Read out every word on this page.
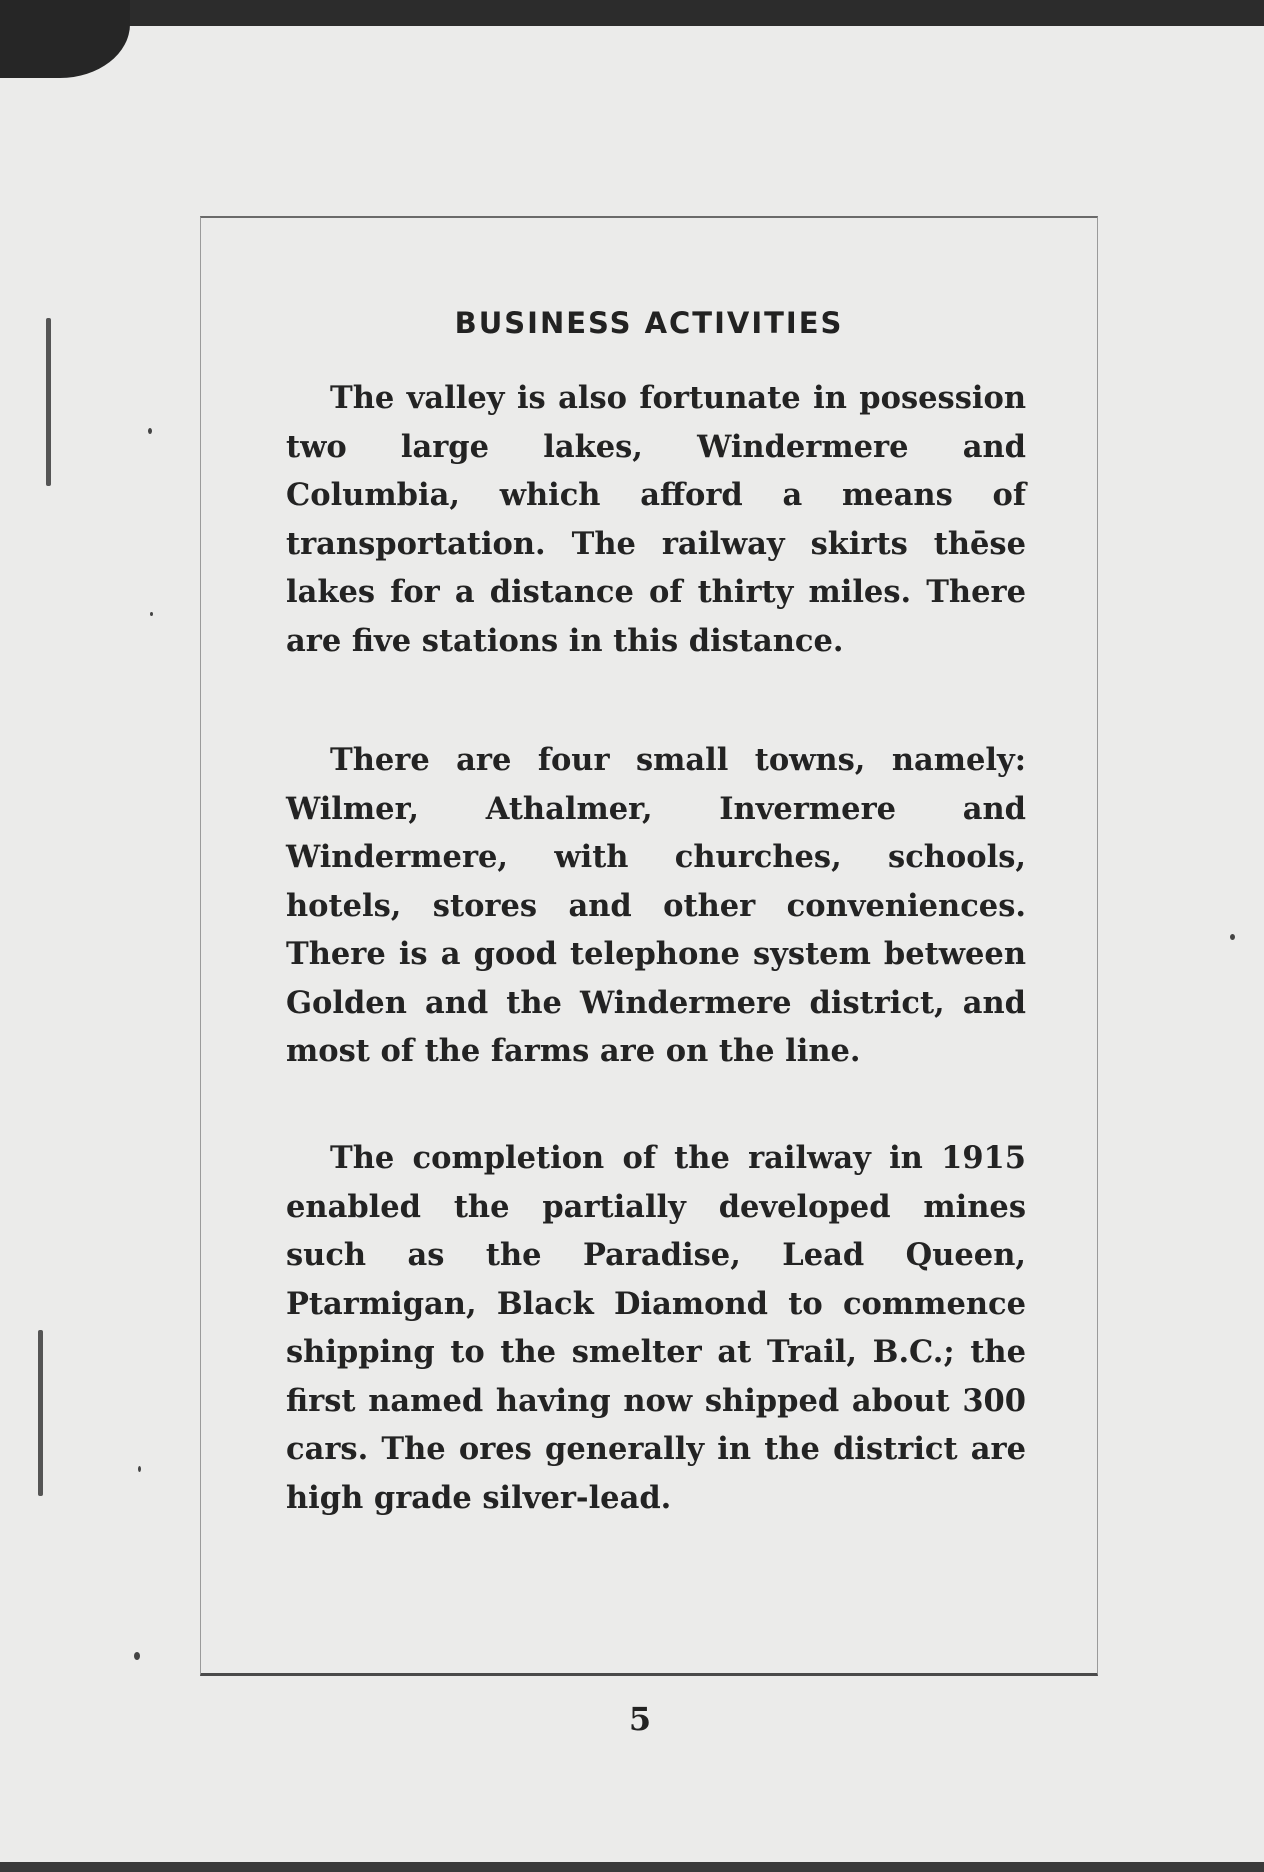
BUSINESS ACTIVITIES

The valley is also fortunate in posession two large lakes, Windermere and Columbia, which afford a means of transportation. The railway skirts thēse lakes for a distance of thirty miles. There are five stations in this distance.

There are four small towns, namely: Wilmer, Athalmer, Invermere and Windermere, with churches, schools, hotels, stores and other conveniences. There is a good telephone system between Golden and the Windermere district, and most of the farms are on the line.

The completion of the railway in 1915 enabled the partially developed mines such as the Paradise, Lead Queen, Ptarmigan, Black Diamond to commence shipping to the smelter at Trail, B.C.; the first named having now shipped about 300 cars. The ores generally in the district are high grade silver-lead.

5
